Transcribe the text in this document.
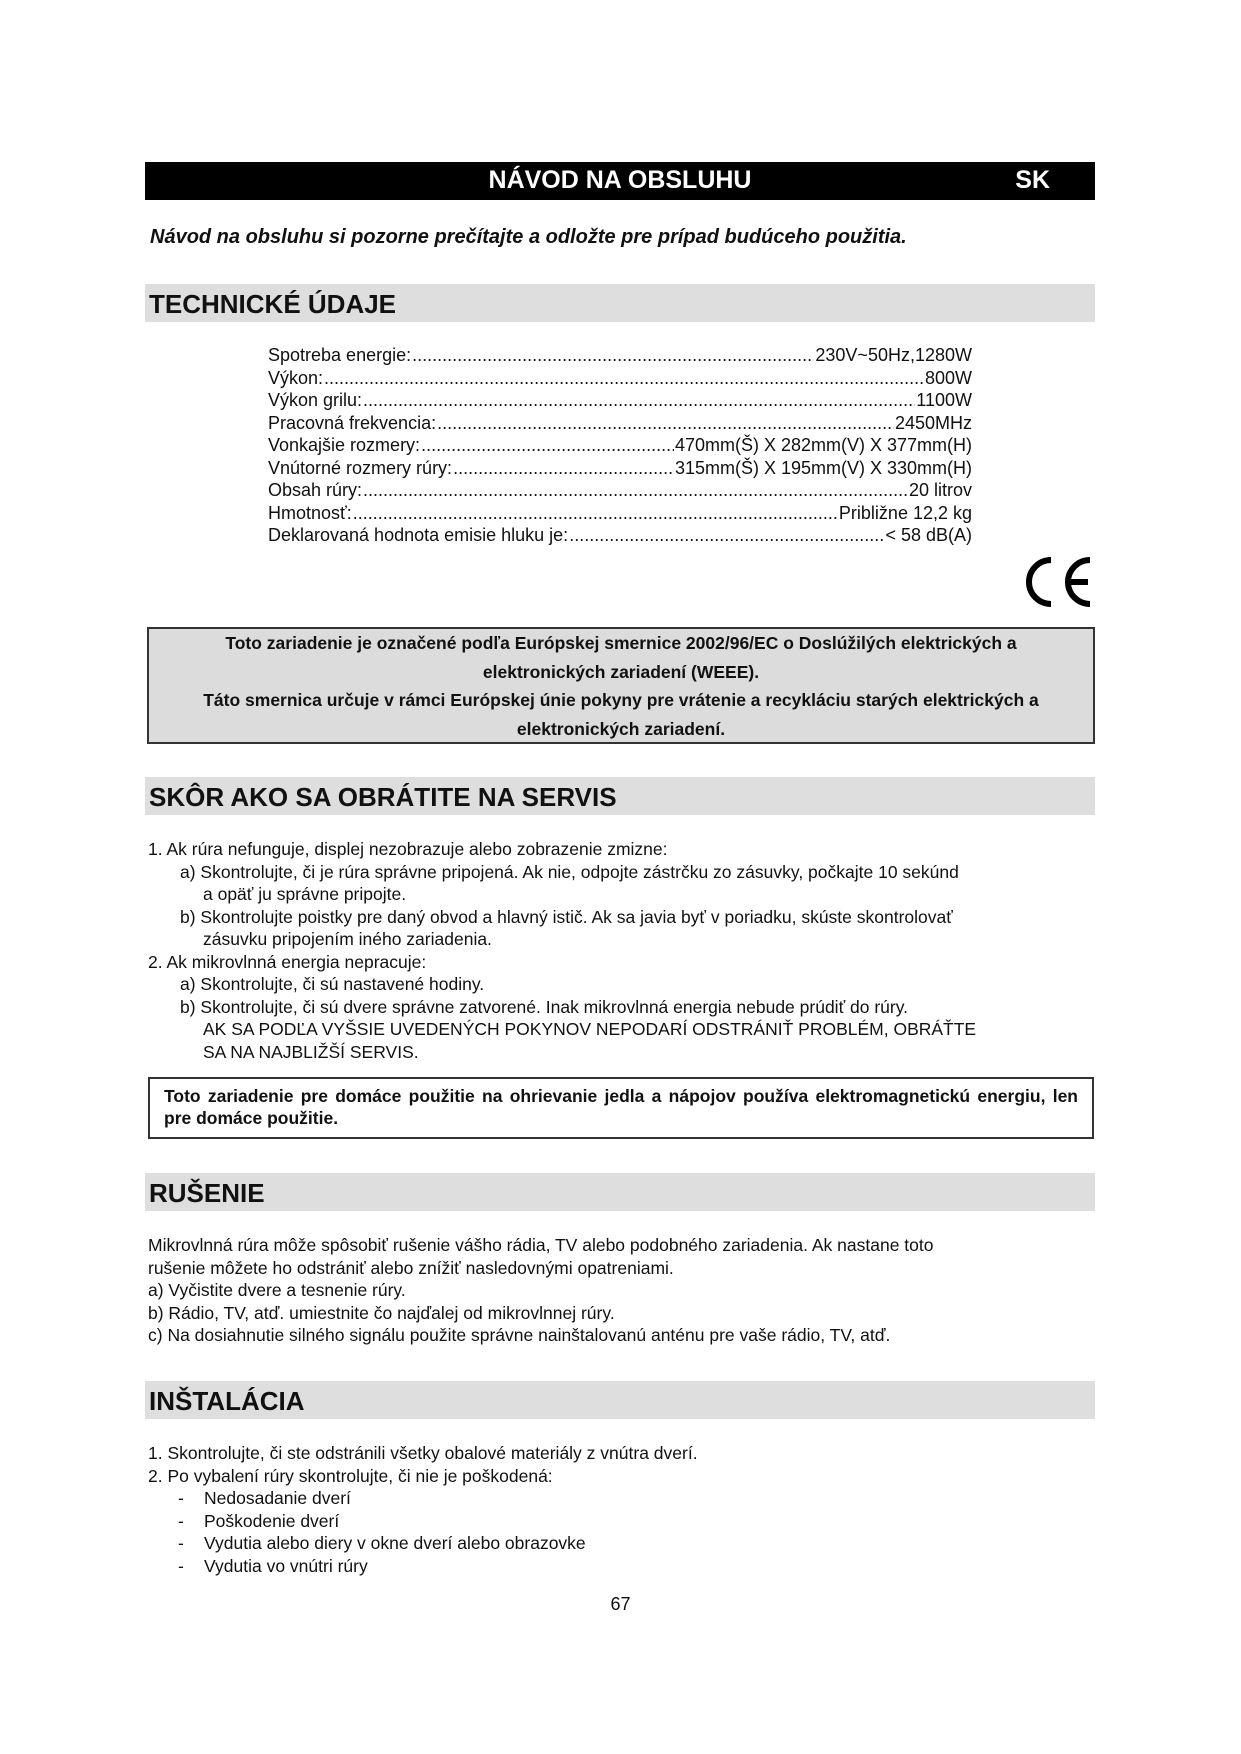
NÁVOD NA OBSLUHU	SK
Návod na obsluhu si pozorne prečítajte a odložte pre prípad budúceho použitia.
TECHNICKÉ ÚDAJE
Spotreba energie: .....	230V~50Hz,1280W
Výkon: .....	800W
Výkon grilu: .....	1100W
Pracovná frekvencia: .....	2450MHz
Vonkajšie rozmery: .....	470mm(Š) X 282mm(V) X 377mm(H)
Vnútorné rozmery rúry: .....	315mm(Š) X 195mm(V) X 330mm(H)
Obsah rúry: .....	20 litrov
Hmotnosť: .....	Približne 12,2 kg
Deklarovaná hodnota emisie hluku je: .....	< 58 dB(A)

Toto zariadenie je označené podľa Európskej smernice 2002/96/EC o Doslúžilých elektrických a elektronických zariadení (WEEE).

Táto smernica určuje v rámci Európskej únie pokyny pre vrátenie a recykláciu starých elektrických a elektronických zariadení.

SKÔR AKO SA OBRÁTITE NA SERVIS

1. Ak rúra nefunguje, displej nezobrazuje alebo zobrazenie zmizne:

a) Skontrolujte, či je rúra správne pripojená. Ak nie, odpojte zástrčku zo zásuvky, počkajte 10 sekúnd

a opäť ju správne pripojte.

b) Skontrolujte poistky pre daný obvod a hlavný istič. Ak sa javia byť v poriadku, skúste skontrolovať

zásuvku pripojením iného zariadenia.

2. Ak mikrovlnná energia nepracuje:

a) Skontrolujte, či sú nastavené hodiny.

b) Skontrolujte, či sú dvere správne zatvorené. Inak mikrovlnná energia nebude prúdiť do rúry.

AK SA PODĽA VYŠSIE UVEDENÝCH POKYNOV NEPODARÍ ODSTRÁNIŤ PROBLÉM, OBRÁŤTE

SA NA NAJBLIŽŠÍ SERVIS.

Toto zariadenie pre domáce použitie na ohrievanie jedla a nápojov používa elektromagnetickú energiu, len pre domáce použitie.

RUŠENIE

Mikrovlnná rúra môže spôsobiť rušenie vášho rádia, TV alebo podobného zariadenia. Ak nastane toto

rušenie môžete ho odstrániť alebo znížiť nasledovnými opatreniami.

a) Vyčistite dvere a tesnenie rúry.

b) Rádio, TV, atď. umiestnite čo najďalej od mikrovlnnej rúry.

c) Na dosiahnutie silného signálu použite správne nainštalovanú anténu pre vaše rádio, TV, atď.

INŠTALÁCIA

1. Skontrolujte, či ste odstránili všetky obalové materiály z vnútra dverí.

2. Po vybalení rúry skontrolujte, či nie je poškodená:

- Nedosadanie dverí

- Poškodenie dverí

- Vydutia alebo diery v okne dverí alebo obrazovke

- Vydutia vo vnútri rúry

67
